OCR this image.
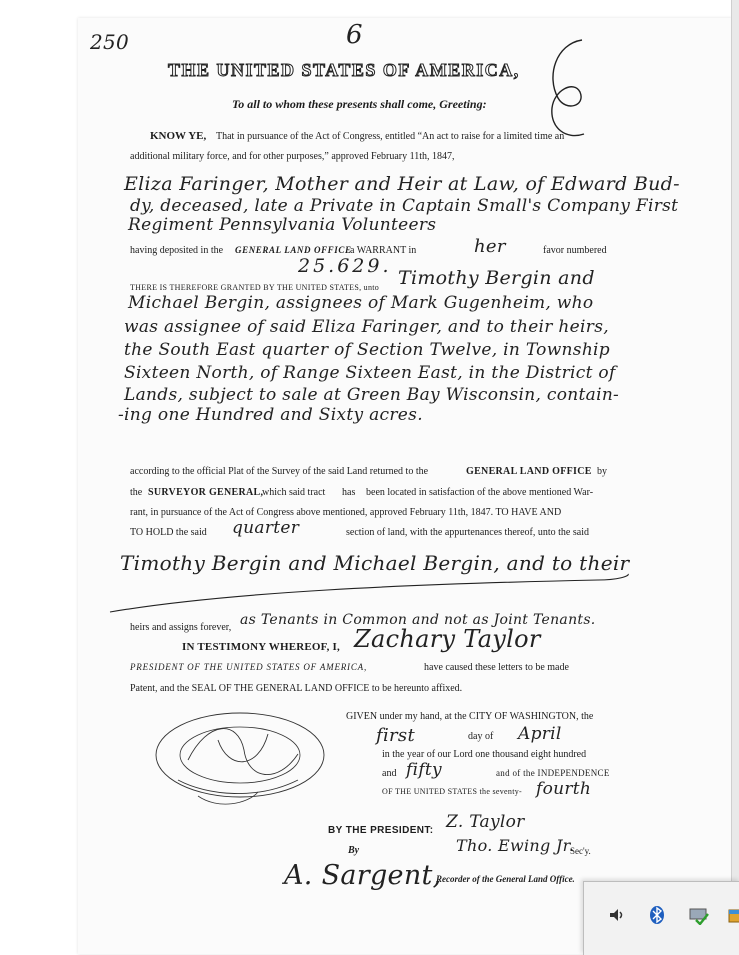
250	6
THE UNITED STATES OF AMERICA,
To all to whom these presents shall come, Greeting:
KNOW YE, That in pursuance of the Act of Congress, entitled “An act to raise for a limited time an
additional military force, and for other purposes,” approved February 11th, 1847,
Eliza Faringer, Mother and Heir at Law, of Edward Bud-
dy, deceased, late a Private in Captain Small's Company First
Regiment Pennsylvania Volunteers
having deposited in the GENERAL LAND OFFICE
a WARRANT in	her	favor numbered
25.629.
THERE IS THEREFORE GRANTED BY THE UNITED STATES, unto Timothy Bergin and
Michael Bergin, assignees of Mark Gugenheim, who
was assignee of said Eliza Faringer, and to their heirs,
the South East quarter of Section Twelve, in Township
Sixteen North, of Range Sixteen East, in the District of
Lands, subject to sale at Green Bay Wisconsin, contain-
-ing one Hundred and Sixty acres.
according to the official Plat of the Survey of the said Land returned to the	GENERAL LAND OFFICE by
the SURVEYOR GENERAL,
which said tract has been located in satisfaction of the above mentioned War-
rant, in pursuance of the Act of Congress above mentioned, approved February 11th, 1847. TO HAVE AND
TO HOLD the said quarter	section of land, with the appurtenances thereof, unto the said
Timothy Bergin and Michael Bergin, and to their
heirs and assigns forever, as Tenants in Common and not as Joint Tenants.
IN TESTIMONY WHEREOF, I, Zachary Taylor
PRESIDENT OF THE UNITED STATES OF AMERICA,	have caused these letters to be made
Patent, and the SEAL OF THE GENERAL LAND OFFICE to be hereunto affixed.
GIVEN under my hand, at the CITY OF WASHINGTON, the
first	day of April
in the year of our Lord one thousand eight hundred
and fifty	and of the INDEPENDENCE
OF THE UNITED STATES the seventy- fourth
BY THE PRESIDENT: Z. Taylor
By	Tho. Ewing Jr.
Sec'y.
A. Sargent,
Recorder of the General Land Office.
